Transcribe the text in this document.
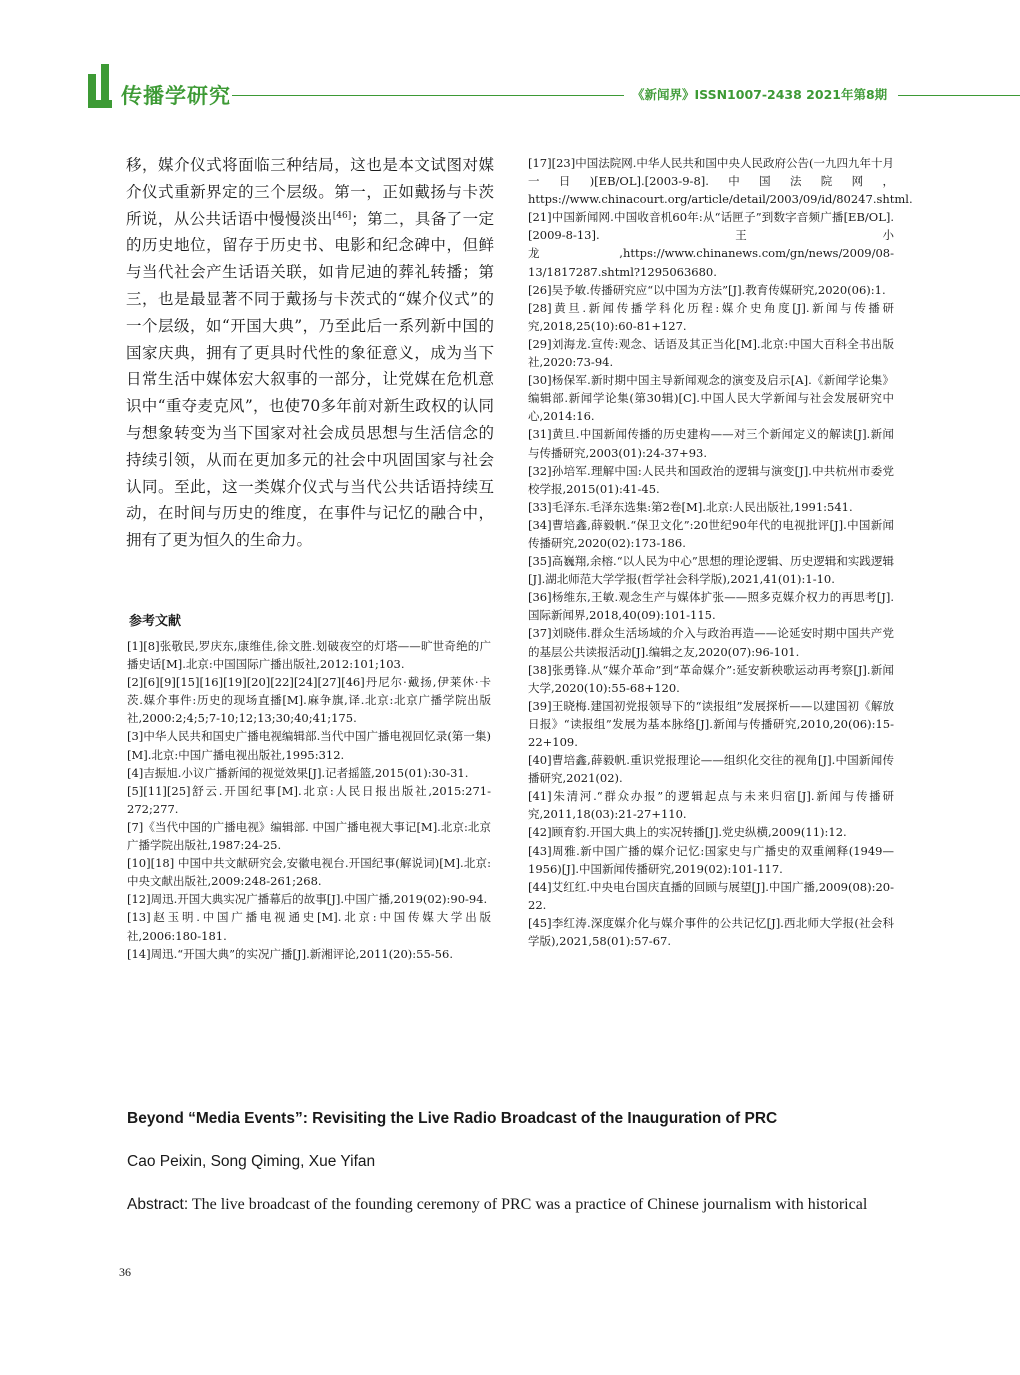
传播学研究	《新闻界》ISSN1007-2438 2021年第8期

移，媒介仪式将面临三种结局，这也是本文试图对媒介仪式重新界定的三个层级。第一，正如戴扬与卡茨所说，从公共话语中慢慢淡出[46]；第二，具备了一定的历史地位，留存于历史书、电影和纪念碑中，但鲜与当代社会产生话语关联，如肯尼迪的葬礼转播；第三，也是最显著不同于戴扬与卡茨式的“媒介仪式”的一个层级，如“开国大典”，乃至此后一系列新中国的国家庆典，拥有了更具时代性的象征意义，成为当下日常生活中媒体宏大叙事的一部分，让党媒在危机意识中“重夺麦克风”，也使70多年前对新生政权的认同与想象转变为当下国家对社会成员思想与生活信念的持续引领，从而在更加多元的社会中巩固国家与社会认同。至此，这一类媒介仪式与当代公共话语持续互动，在时间与历史的维度，在事件与记忆的融合中，拥有了更为恒久的生命力。

参考文献
[1][8]张敬民,罗庆东,康维佳,徐文胜.划破夜空的灯塔——旷世奇绝的广播史话[M].北京:中国国际广播出版社,2012:101;103.
[2][6][9][15][16][19][20][22][24][27][46]丹尼尔·戴扬,伊莱休·卡茨.媒介事件:历史的现场直播[M].麻争旗,译.北京:北京广播学院出版社,2000:2;4;5;7-10;12;13;30;40;41;175.
[3]中华人民共和国史广播电视编辑部.当代中国广播电视回忆录(第一集)[M].北京:中国广播电视出版社,1995:312.
[4]吉振旭.小议广播新闻的视觉效果[J].记者摇篮,2015(01):30-31.
[5][11][25]舒云.开国纪事[M].北京:人民日报出版社,2015:271-272;277.
[7]《当代中国的广播电视》编辑部. 中国广播电视大事记[M].北京:北京广播学院出版社,1987:24-25.
[10][18] 中国中共文献研究会,安徽电视台.开国纪事(解说词)[M].北京:中央文献出版社,2009:248-261;268.
[12]周迅.开国大典实况广播幕后的故事[J].中国广播,2019(02):90-94.
[13]赵玉明.中国广播电视通史[M].北京:中国传媒大学出版社,2006:180-181.
[14]周迅.“开国大典”的实况广播[J].新湘评论,2011(20):55-56.
[17][23]中国法院网.中华人民共和国中央人民政府公告(一九四九年十月一日)[EB/OL].[2003-9-8].中国法院网，https://www.chinacourt.org/article/detail/2003/09/id/80247.shtml.
[21]中国新闻网.中国收音机60年:从“话匣子”到数字音频广播[EB/OL].[2009-8-13].王小龙,https://www.chinanews.com/gn/news/2009/08-13/1817287.shtml?1295063680.
[26]吴予敏.传播研究应“以中国为方法”[J].教育传媒研究,2020(06):1.
[28]黄旦.新闻传播学科化历程:媒介史角度[J].新闻与传播研究,2018,25(10):60-81+127.
[29]刘海龙.宣传:观念、话语及其正当化[M].北京:中国大百科全书出版社,2020:73-94.
[30]杨保军.新时期中国主导新闻观念的演变及启示[A].《新闻学论集》编辑部.新闻学论集(第30辑)[C].中国人民大学新闻与社会发展研究中心,2014:16.
[31]黄旦.中国新闻传播的历史建构——对三个新闻定义的解读[J].新闻与传播研究,2003(01):24-37+93.
[32]孙培军.理解中国:人民共和国政治的逻辑与演变[J].中共杭州市委党校学报,2015(01):41-45.
[33]毛泽东.毛泽东选集:第2卷[M].北京:人民出版社,1991:541.
[34]曹培鑫,薛毅帆.“保卫文化”:20世纪90年代的电视批评[J].中国新闻传播研究,2020(02):173-186.
[35]高巍翔,余榕.“以人民为中心”思想的理论逻辑、历史逻辑和实践逻辑[J].湖北师范大学学报(哲学社会科学版),2021,41(01):1-10.
[36]杨维东,王敏.观念生产与媒体扩张——照多克媒介权力的再思考[J].国际新闻界,2018,40(09):101-115.
[37]刘晓伟.群众生活场域的介入与政治再造——论延安时期中国共产党的基层公共读报活动[J].编辑之友,2020(07):96-101.
[38]张勇锋.从“媒介革命”到“革命媒介”:延安新秧歌运动再考察[J].新闻大学,2020(10):55-68+120.
[39]王晓梅.建国初党报领导下的“读报组”发展探析——以建国初《解放日报》“读报组”发展为基本脉络[J].新闻与传播研究,2010,20(06):15-22+109.
[40]曹培鑫,薛毅帆.重识党报理论——组织化交往的视角[J].中国新闻传播研究,2021(02).
[41]朱清河.“群众办报”的逻辑起点与未来归宿[J].新闻与传播研究,2011,18(03):21-27+110.
[42]顾育豹.开国大典上的实况转播[J].党史纵横,2009(11):12.
[43]周雅.新中国广播的媒介记忆:国家史与广播史的双重阐释(1949—1956)[J].中国新闻传播研究,2019(02):101-117.
[44]艾红红.中央电台国庆直播的回顾与展望[J].中国广播,2009(08):20-22.
[45]李红涛.深度媒介化与媒介事件的公共记忆[J].西北师大学报(社会科学版),2021,58(01):57-67.
Beyond “Media Events”: Revisiting the Live Radio Broadcast of the Inauguration of PRC
Cao Peixin, Song Qiming, Xue Yifan
Abstract: The live broadcast of the founding ceremony of PRC was a practice of Chinese journalism with historical
36
